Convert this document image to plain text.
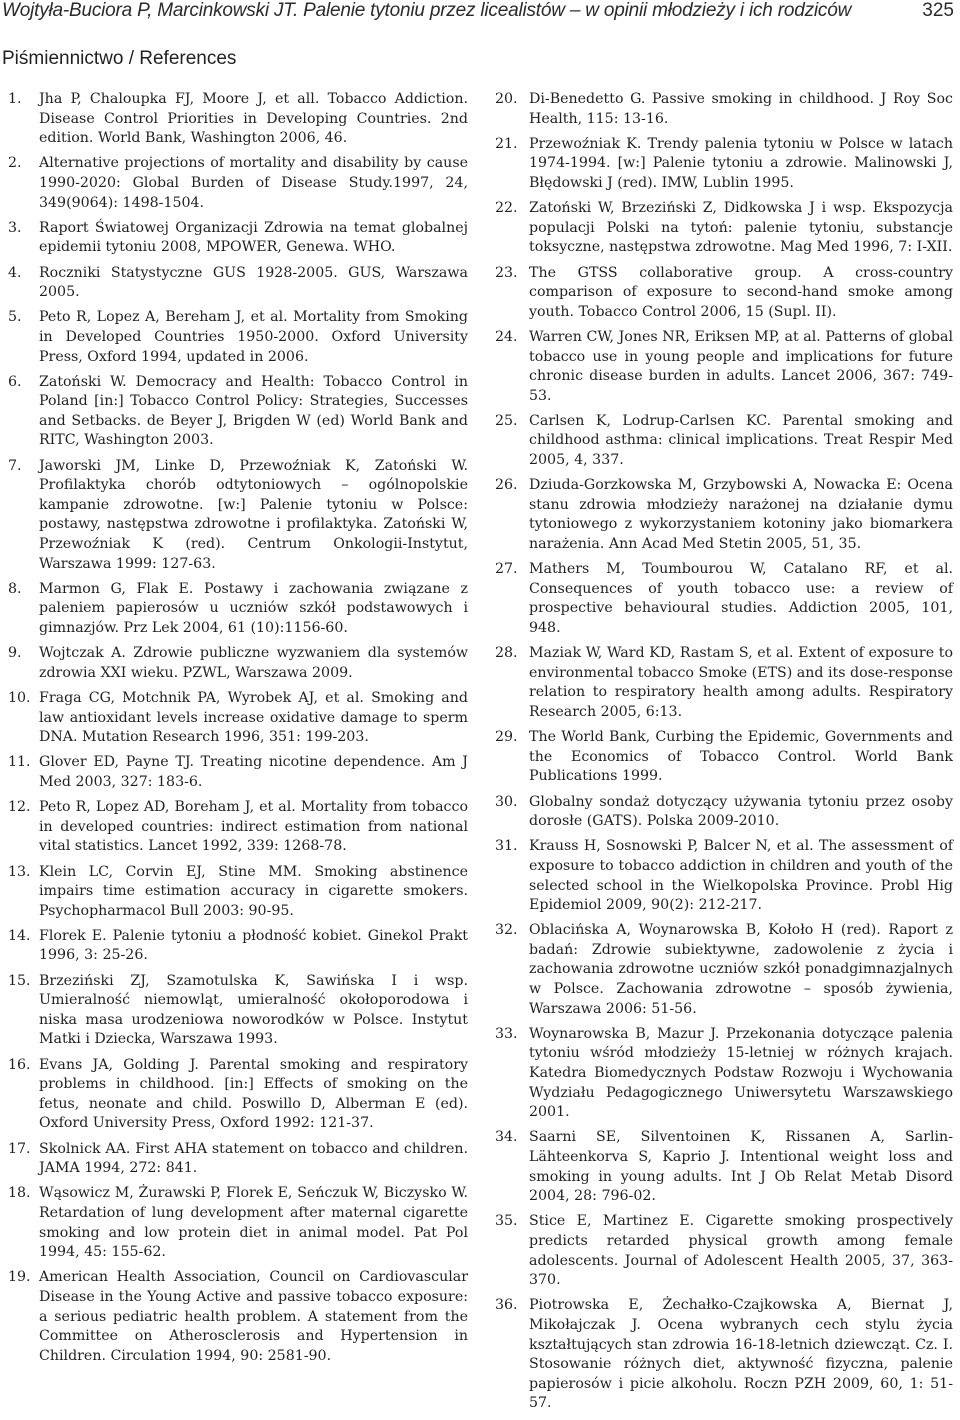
Wojtyła-Buciora P, Marcinkowski JT. Palenie tytoniu przez licealistów – w opinii młodzieży i ich rodziców	325
Piśmiennictwo / References
1. Jha P, Chaloupka FJ, Moore J, et all. Tobacco Addiction. Disease Control Priorities in Developing Countries. 2nd edition. World Bank, Washington 2006, 46.
2. Alternative projections of mortality and disability by cause 1990-2020: Global Burden of Disease Study.1997, 24, 349(9064): 1498-1504.
3. Raport Światowej Organizacji Zdrowia na temat globalnej epidemii tytoniu 2008, MPOWER, Genewa. WHO.
4. Roczniki Statystyczne GUS 1928-2005. GUS, Warszawa 2005.
5. Peto R, Lopez A, Bereham J, et al. Mortality from Smoking in Developed Countries 1950-2000. Oxford University Press, Oxford 1994, updated in 2006.
6. Zatoński W. Democracy and Health: Tobacco Control in Poland [in:] Tobacco Control Policy: Strategies, Successes and Setbacks. de Beyer J, Brigden W (ed) World Bank and RITC, Washington 2003.
7. Jaworski JM, Linke D, Przewoźniak K, Zatoński W. Profilaktyka chorób odtytoniowych – ogólnopolskie kampanie zdrowotne. [w:] Palenie tytoniu w Polsce: postawy, następstwa zdrowotne i profilaktyka. Zatoński W, Przewoźniak K (red). Centrum Onkologii-Instytut, Warszawa 1999: 127-63.
8. Marmon G, Flak E. Postawy i zachowania związane z paleniem papierosów u uczniów szkół podstawowych i gimnazjów. Prz Lek 2004, 61 (10):1156-60.
9. Wojtczak A. Zdrowie publiczne wyzwaniem dla systemów zdrowia XXI wieku. PZWL, Warszawa 2009.
10. Fraga CG, Motchnik PA, Wyrobek AJ, et al. Smoking and law antioxidant levels increase oxidative damage to sperm DNA. Mutation Research 1996, 351: 199-203.
11. Glover ED, Payne TJ. Treating nicotine dependence. Am J Med 2003, 327: 183-6.
12. Peto R, Lopez AD, Boreham J, et al. Mortality from tobacco in developed countries: indirect estimation from national vital statistics. Lancet 1992, 339: 1268-78.
13. Klein LC, Corvin EJ, Stine MM. Smoking abstinence impairs time estimation accuracy in cigarette smokers. Psychopharmacol Bull 2003: 90-95.
14. Florek E. Palenie tytoniu a płodność kobiet. Ginekol Prakt 1996, 3: 25-26.
15. Brzeziński ZJ, Szamotulska K, Sawińska I i wsp. Umieralność niemowląt, umieralność okołoporodowa i niska masa urodzeniowa noworodków w Polsce. Instytut Matki i Dziecka, Warszawa 1993.
16. Evans JA, Golding J. Parental smoking and respiratory problems in childhood. [in:] Effects of smoking on the fetus, neonate and child. Poswillo D, Alberman E (ed). Oxford University Press, Oxford 1992: 121-37.
17. Skolnick AA. First AHA statement on tobacco and children. JAMA 1994, 272: 841.
18. Wąsowicz M, Żurawski P, Florek E, Seńczuk W, Biczysko W. Retardation of lung development after maternal cigarette smoking and low protein diet in animal model. Pat Pol 1994, 45: 155-62.
19. American Health Association, Council on Cardiovascular Disease in the Young Active and passive tobacco exposure: a serious pediatric health problem. A statement from the Committee on Atherosclerosis and Hypertension in Children. Circulation 1994, 90: 2581-90.
20. Di-Benedetto G. Passive smoking in childhood. J Roy Soc Health, 115: 13-16.
21. Przewoźniak K. Trendy palenia tytoniu w Polsce w latach 1974-1994. [w:] Palenie tytoniu a zdrowie. Malinowski J, Błędowski J (red). IMW, Lublin 1995.
22. Zatoński W, Brzeziński Z, Didkowska J i wsp. Ekspozycja populacji Polski na tytoń: palenie tytoniu, substancje toksyczne, następstwa zdrowotne. Mag Med 1996, 7: I-XII.
23. The GTSS collaborative group. A cross-country comparison of exposure to second-hand smoke among youth. Tobacco Control 2006, 15 (Supl. II).
24. Warren CW, Jones NR, Eriksen MP, at al. Patterns of global tobacco use in young people and implications for future chronic disease burden in adults. Lancet 2006, 367: 749-53.
25. Carlsen K, Lodrup-Carlsen KC. Parental smoking and childhood asthma: clinical implications. Treat Respir Med 2005, 4, 337.
26. Dziuda-Gorzkowska M, Grzybowski A, Nowacka E: Ocena stanu zdrowia młodzieży narażonej na działanie dymu tytoniowego z wykorzystaniem kotoniny jako biomarkera narażenia. Ann Acad Med Stetin 2005, 51, 35.
27. Mathers M, Toumbourou W, Catalano RF, et al. Consequences of youth tobacco use: a review of prospective behavioural studies. Addiction 2005, 101, 948.
28. Maziak W, Ward KD, Rastam S, et al. Extent of exposure to environmental tobacco Smoke (ETS) and its dose-response relation to respiratory health among adults. Respiratory Research 2005, 6:13.
29. The World Bank, Curbing the Epidemic, Governments and the Economics of Tobacco Control. World Bank Publications 1999.
30. Globalny sondaż dotyczący używania tytoniu przez osoby dorosłe (GATS). Polska 2009-2010.
31. Krauss H, Sosnowski P, Balcer N, et al. The assessment of exposure to tobacco addiction in children and youth of the selected school in the Wielkopolska Province. Probl Hig Epidemiol 2009, 90(2): 212-217.
32. Oblacińska A, Woynarowska B, Kołoło H (red). Raport z badań: Zdrowie subiektywne, zadowolenie z życia i zachowania zdrowotne uczniów szkół ponadgimnazjalnych w Polsce. Zachowania zdrowotne – sposób żywienia, Warszawa 2006: 51-56.
33. Woynarowska B, Mazur J. Przekonania dotyczące palenia tytoniu wśród młodzieży 15-letniej w różnych krajach. Katedra Biomedycznych Podstaw Rozwoju i Wychowania Wydziału Pedagogicznego Uniwersytetu Warszawskiego 2001.
34. Saarni SE, Silventoinen K, Rissanen A, Sarlin-Lähteenkorva S, Kaprio J. Intentional weight loss and smoking in young adults. Int J Ob Relat Metab Disord 2004, 28: 796-02.
35. Stice E, Martinez E. Cigarette smoking prospectively predicts retarded physical growth among female adolescents. Journal of Adolescent Health 2005, 37, 363-370.
36. Piotrowska E, Żechałko-Czajkowska A, Biernat J, Mikołajczak J. Ocena wybranych cech stylu życia kształtujących stan zdrowia 16-18-letnich dziewcząt. Cz. I. Stosowanie różnych diet, aktywność fizyczna, palenie papierosów i picie alkoholu. Roczn PZH 2009, 60, 1: 51-57.
